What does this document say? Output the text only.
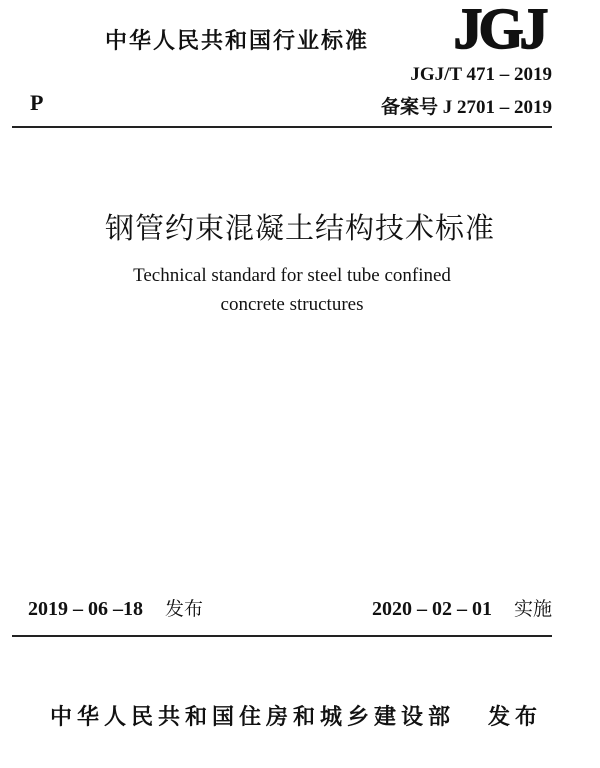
中华人民共和国行业标准 JGJ
P
JGJ/T 471 – 2019
备案号 J 2701 – 2019
钢管约束混凝土结构技术标准
Technical standard for steel tube confined
concrete structures
2019 – 06 –18 发布	2020 – 02 – 01 实施
中华人民共和国住房和城乡建设部 发布
